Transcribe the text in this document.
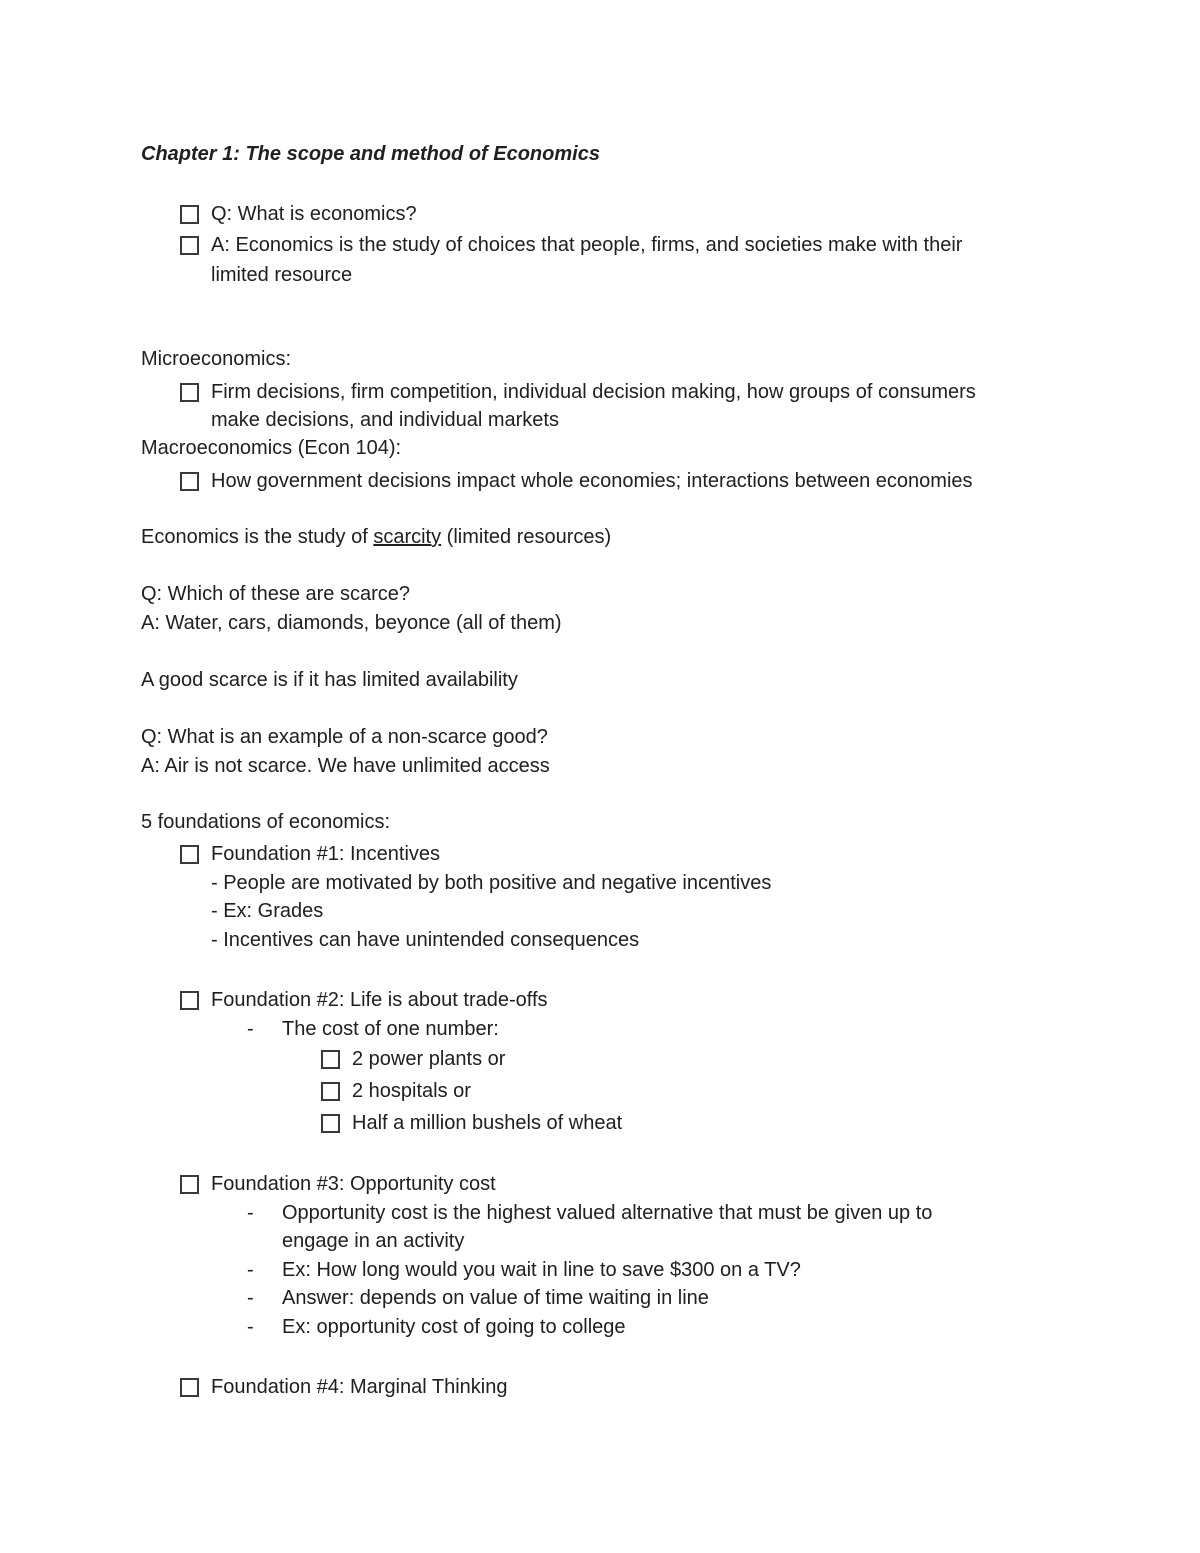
Chapter 1: The scope and method of Economics
Q: What is economics?
A: Economics is the study of choices that people, firms, and societies make with their
limited resource
Microeconomics:
Firm decisions, firm competition, individual decision making, how groups of consumers
make decisions, and individual markets
Macroeconomics (Econ 104):
How government decisions impact whole economies; interactions between economies
Economics is the study of scarcity (limited resources)
Q: Which of these are scarce?
A: Water, cars, diamonds, beyonce (all of them)
A good scarce is if it has limited availability
Q: What is an example of a non-scarce good?
A: Air is not scarce. We have unlimited access
5 foundations of economics:
Foundation #1: Incentives
- People are motivated by both positive and negative incentives
- Ex: Grades
- Incentives can have unintended consequences
Foundation #2: Life is about trade-offs
- The cost of one number:
2 power plants or
2 hospitals or
Half a million bushels of wheat
Foundation #3: Opportunity cost
- Opportunity cost is the highest valued alternative that must be given up to
engage in an activity
- Ex: How long would you wait in line to save $300 on a TV?
- Answer: depends on value of time waiting in line
- Ex: opportunity cost of going to college
Foundation #4: Marginal Thinking
